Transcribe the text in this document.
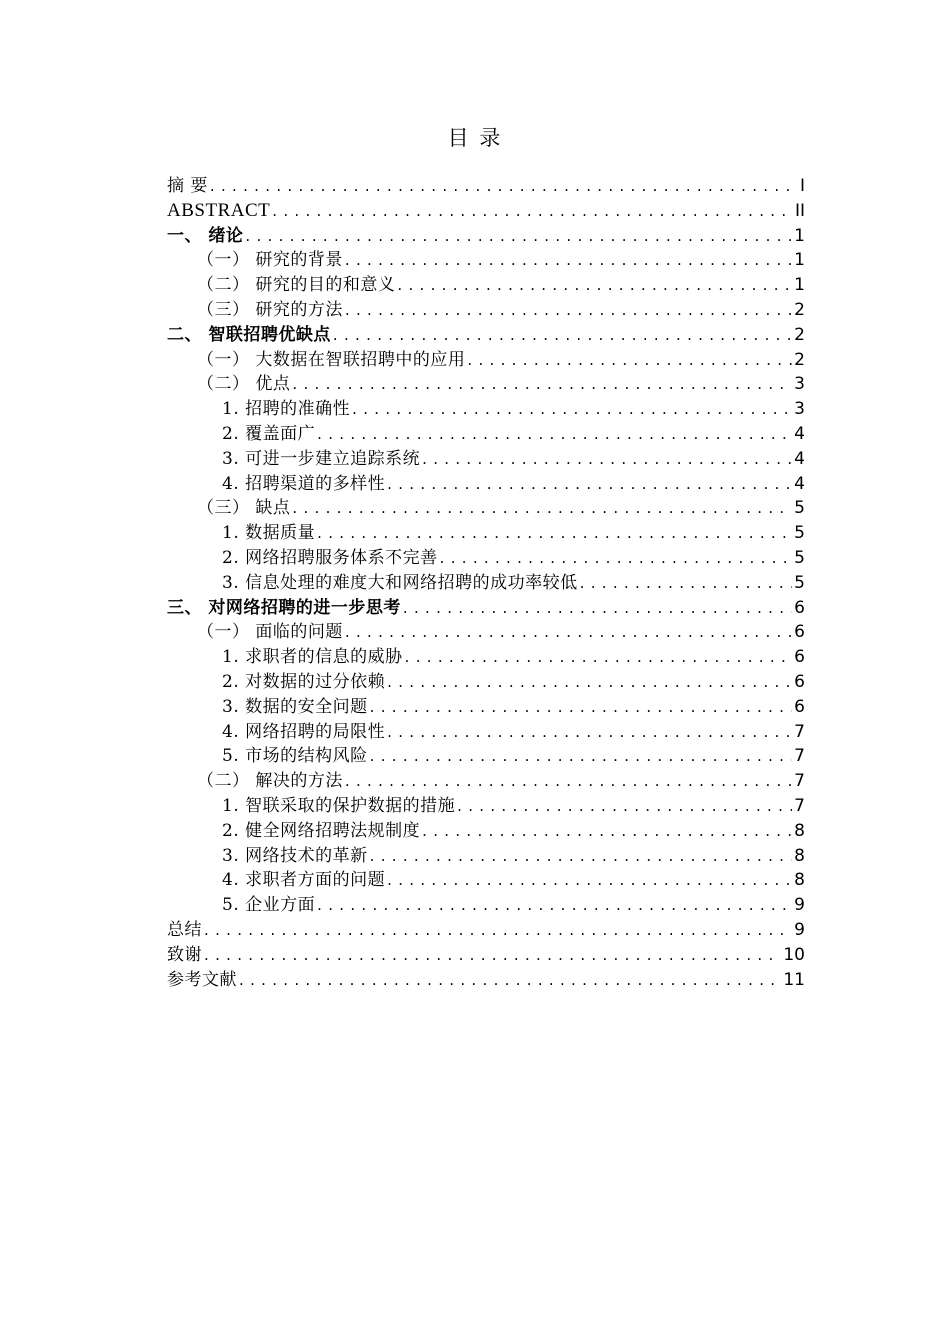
目 录
摘 要 .....	I
ABSTRACT .....	II
一、 绪论 .....	1
（一） 研究的背景 .....	1
（二） 研究的目的和意义 .....	1
（三） 研究的方法 .....	2
二、 智联招聘优缺点 .....	2
（一） 大数据在智联招聘中的应用 .....	2
（二） 优点 .....	3
1. 招聘的准确性 .....	3
2. 覆盖面广 .....	4
3. 可进一步建立追踪系统 .....	4
4. 招聘渠道的多样性 .....	4
（三） 缺点 .....	5
1. 数据质量 .....	5
2. 网络招聘服务体系不完善 .....	5
3. 信息处理的难度大和网络招聘的成功率较低 .....	5
三、 对网络招聘的进一步思考 .....	6
（一） 面临的问题 .....	6
1. 求职者的信息的威胁 .....	6
2. 对数据的过分依赖 .....	6
3. 数据的安全问题 .....	6
4. 网络招聘的局限性 .....	7
5. 市场的结构风险 .....	7
（二） 解决的方法 .....	7
1. 智联采取的保护数据的措施 .....	7
2. 健全网络招聘法规制度 .....	8
3. 网络技术的革新 .....	8
4. 求职者方面的问题 .....	8
5. 企业方面 .....	9
总结 .....	9
致谢 .....	10
参考文献 .....	11
